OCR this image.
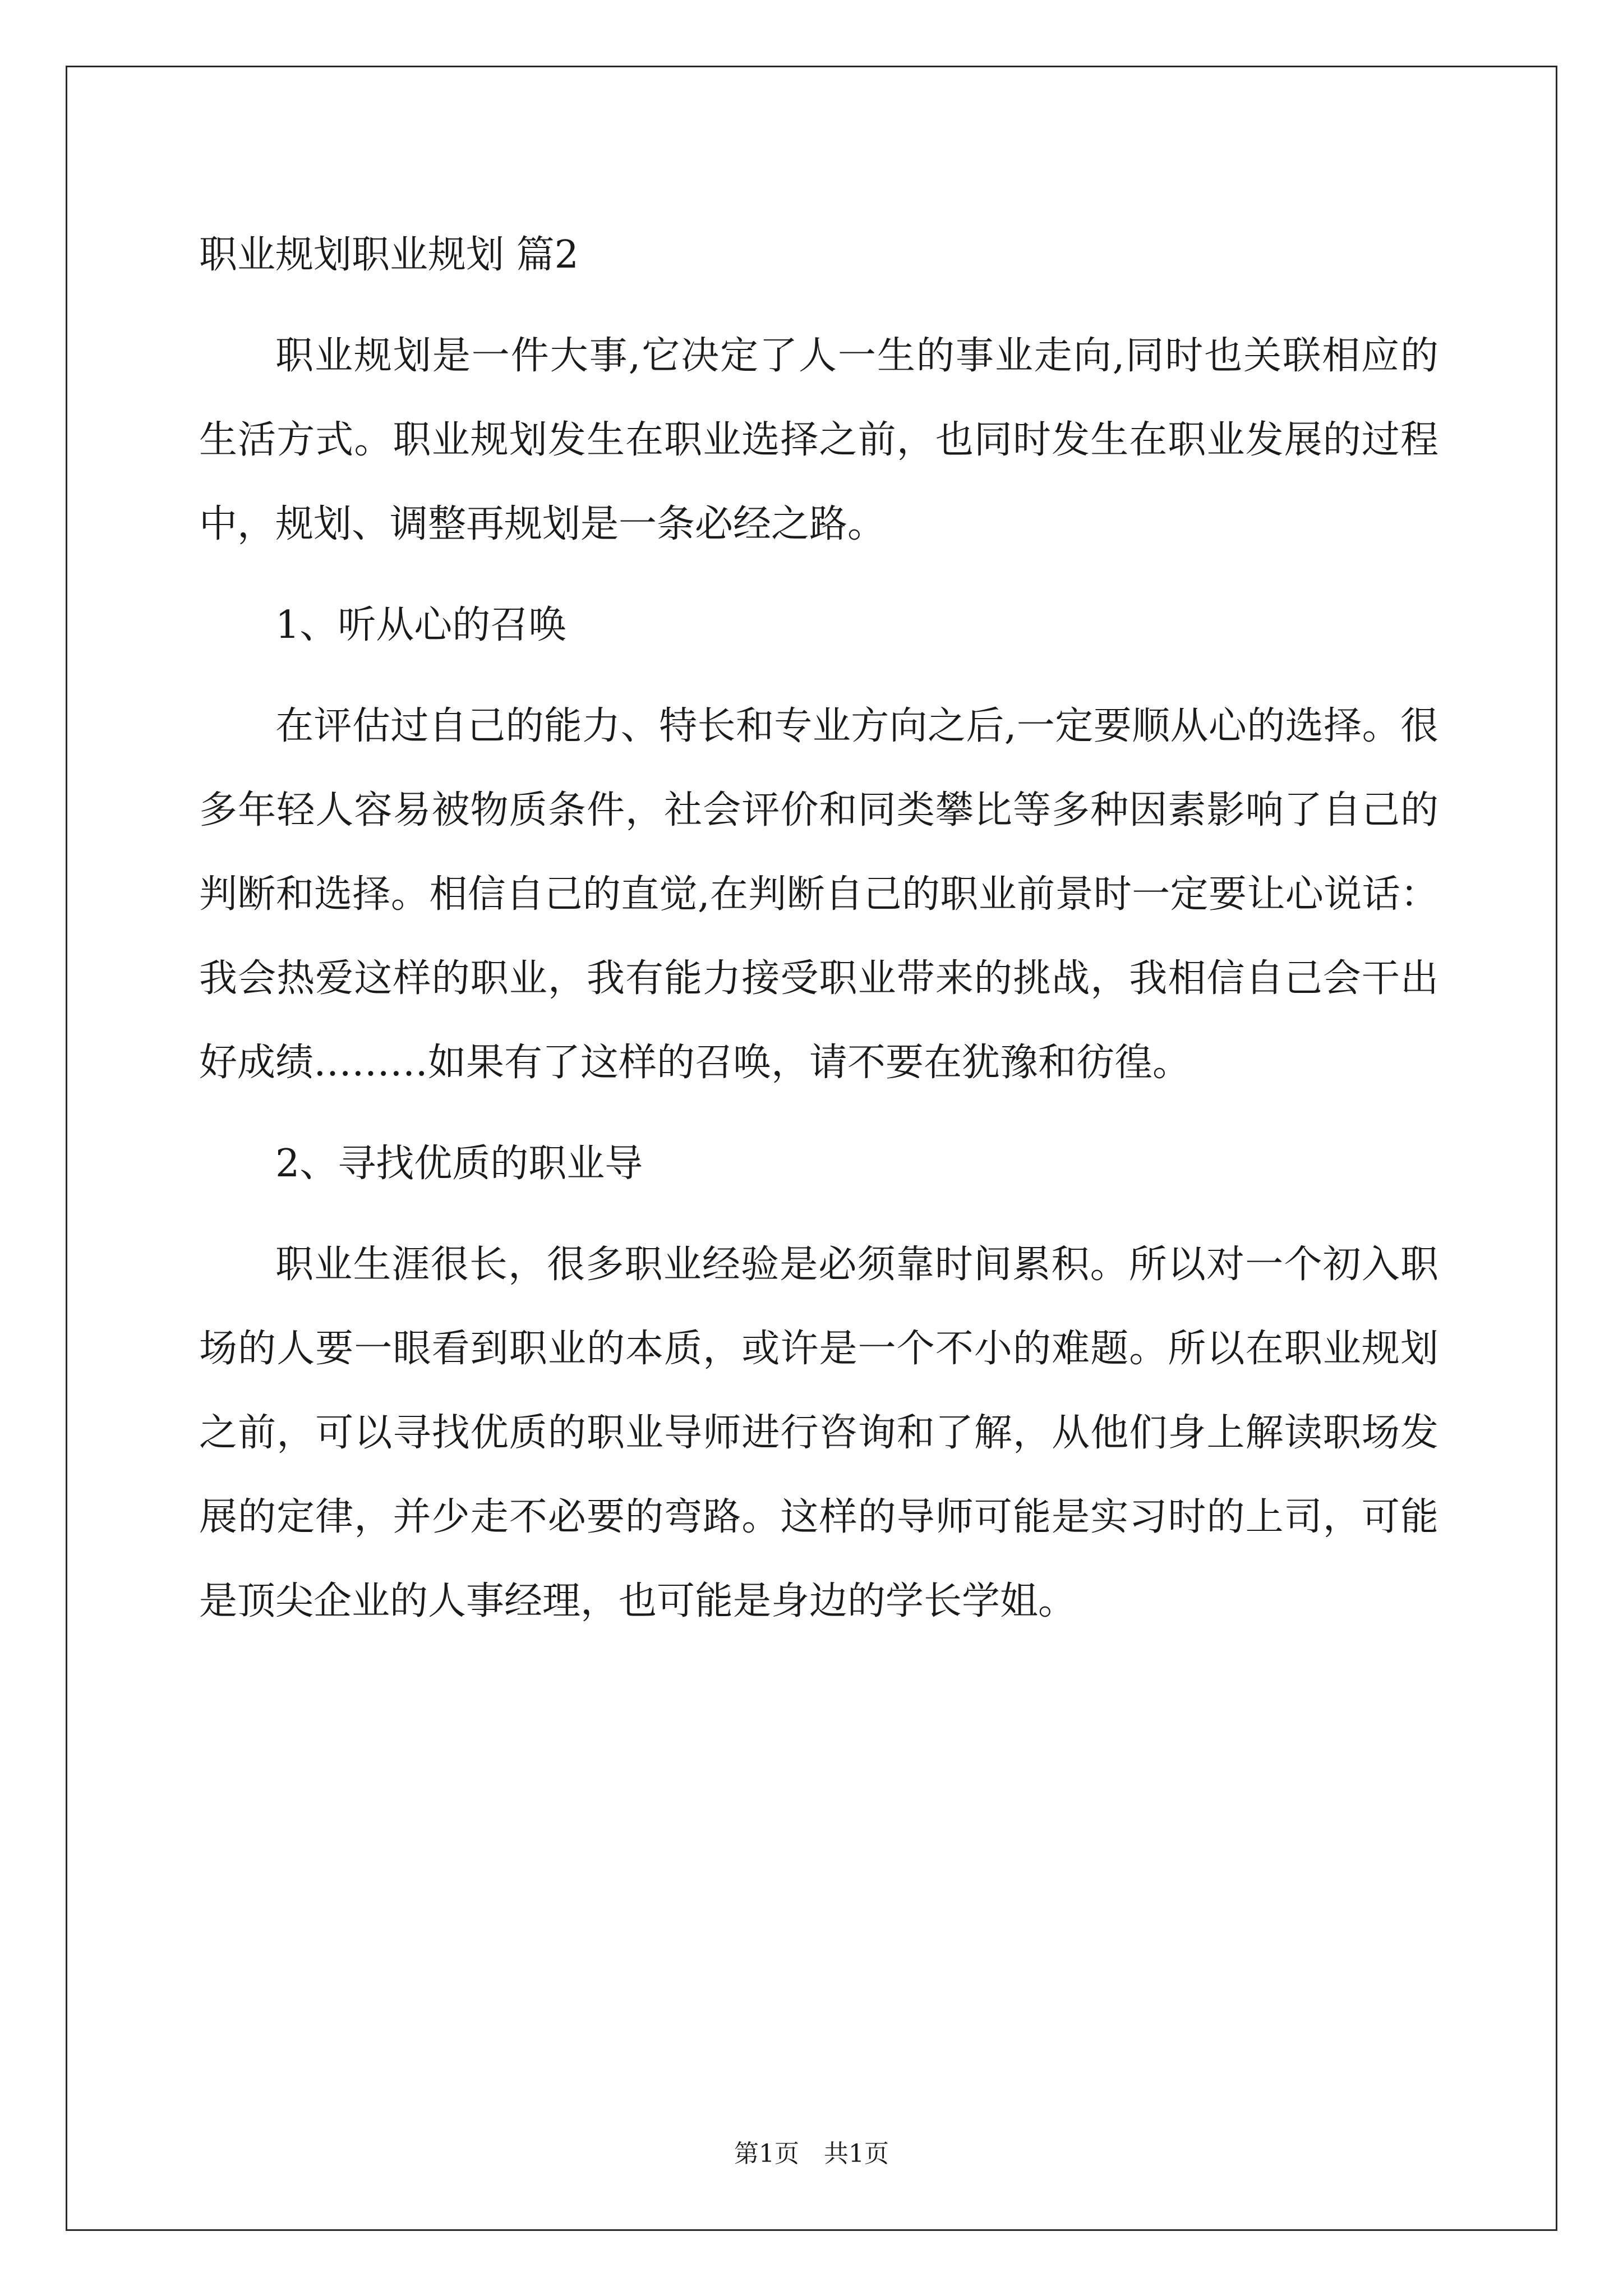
职业规划职业规划 篇2

职业规划是一件大事,它决定了人一生的事业走向,同时也关联相应的生活方式。职业规划发生在职业选择之前，也同时发生在职业发展的过程中，规划、调整再规划是一条必经之路。

1、听从心的召唤

在评估过自己的能力、特长和专业方向之后,一定要顺从心的选择。很多年轻人容易被物质条件，社会评价和同类攀比等多种因素影响了自己的判断和选择。相信自己的直觉,在判断自己的职业前景时一定要让心说话：我会热爱这样的职业，我有能力接受职业带来的挑战，我相信自己会干出好成绩………如果有了这样的召唤，请不要在犹豫和彷徨。

2、寻找优质的职业导

职业生涯很长，很多职业经验是必须靠时间累积。所以对一个初入职场的人要一眼看到职业的本质，或许是一个不小的难题。所以在职业规划之前，可以寻找优质的职业导师进行咨询和了解，从他们身上解读职场发展的定律，并少走不必要的弯路。这样的导师可能是实习时的上司，可能是顶尖企业的人事经理，也可能是身边的学长学姐。

第1页　共1页
